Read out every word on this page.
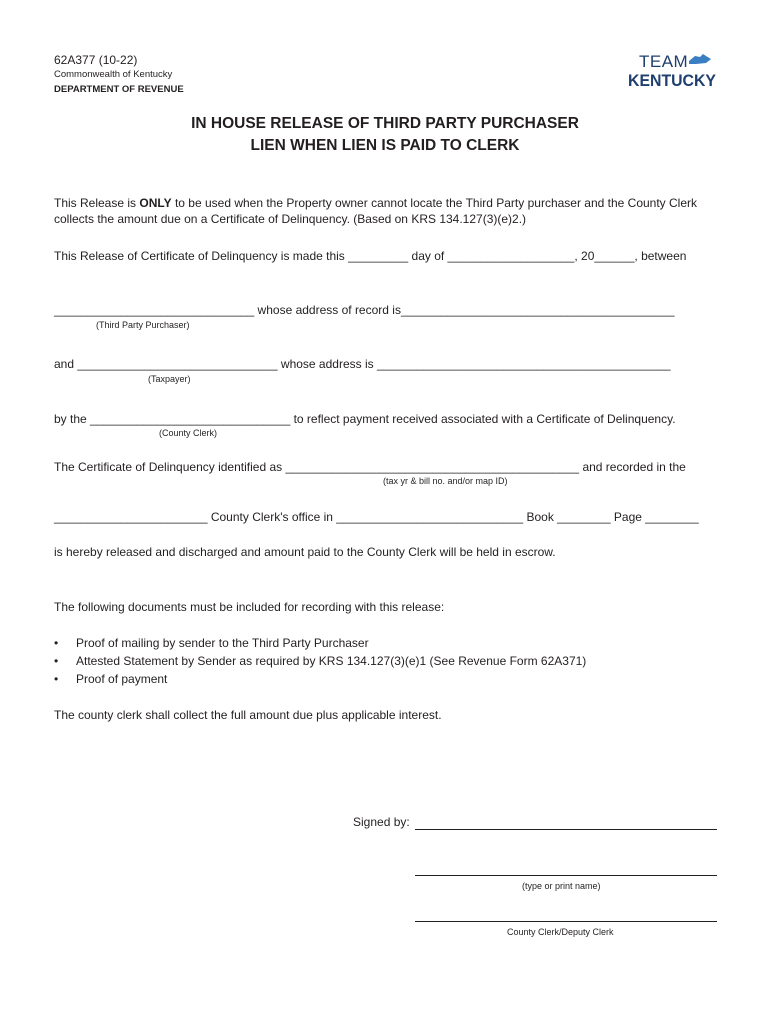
62A377 (10-22)
Commonwealth of Kentucky
DEPARTMENT OF REVENUE
TEAM
KENTUCKY
IN HOUSE RELEASE OF THIRD PARTY PURCHASER
LIEN WHEN LIEN IS PAID TO CLERK
This Release is ONLY to be used when the Property owner cannot locate the Third Party purchaser and the County Clerk
collects the amount due on a Certificate of Delinquency. (Based on KRS 134.127(3)(e)2.)
This Release of Certificate of Delinquency is made this _________ day of ___________________, 20______, between
______________________________ whose address of record is_________________________________________
(Third Party Purchaser)
and ______________________________ whose address is ____________________________________________
(Taxpayer)
by the ______________________________ to reflect payment received associated with a Certificate of Delinquency.
(County Clerk)
The Certificate of Delinquency identified as ____________________________________________ and recorded in the
(tax yr & bill no. and/or map ID)
_______________________ County Clerk's office in ____________________________ Book ________ Page ________
is hereby released and discharged and amount paid to the County Clerk will be held in escrow.
The following documents must be included for recording with this release:
• Proof of mailing by sender to the Third Party Purchaser
• Attested Statement by Sender as required by KRS 134.127(3)(e)1 (See Revenue Form 62A371)
• Proof of payment
The county clerk shall collect the full amount due plus applicable interest.
Signed by:
(type or print name)
County Clerk/Deputy Clerk
